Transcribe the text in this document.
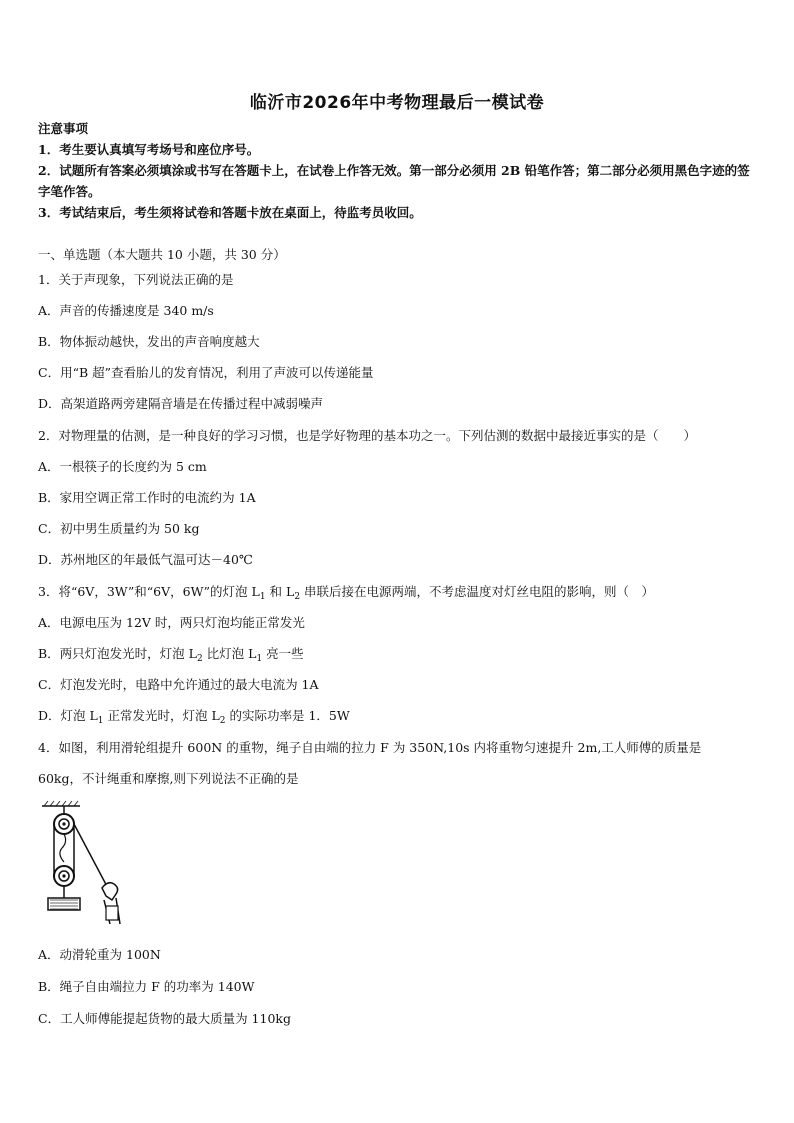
临沂市2026年中考物理最后一模试卷
注意事项
1．考生要认真填写考场号和座位序号。
2．试题所有答案必须填涂或书写在答题卡上，在试卷上作答无效。第一部分必须用 2B 铅笔作答；第二部分必须用黑色字迹的签字笔作答。
3．考试结束后，考生须将试卷和答题卡放在桌面上，待监考员收回。
一、单选题（本大题共 10 小题，共 30 分）
1．关于声现象，下列说法正确的是
A．声音的传播速度是 340 m/s
B．物体振动越快，发出的声音响度越大
C．用“B 超”查看胎儿的发育情况，利用了声波可以传递能量
D．高架道路两旁建隔音墙是在传播过程中减弱噪声
2．对物理量的估测，是一种良好的学习习惯，也是学好物理的基本功之一。下列估测的数据中最接近事实的是（　　）
A．一根筷子的长度约为 5 cm
B．家用空调正常工作时的电流约为 1A
C．初中男生质量约为 50 kg
D．苏州地区的年最低气温可达－40℃
3．将“6V，3W”和“6V，6W”的灯泡 $L_1$ 和 $L_2$ 串联后接在电源两端，不考虑温度对灯丝电阻的影响，则（　）
A．电源电压为 12V 时，两只灯泡均能正常发光
B．两只灯泡发光时，灯泡 $L_2$ 比灯泡 $L_1$ 亮一些
C．灯泡发光时，电路中允许通过的最大电流为 1A
D．灯泡 $L_1$ 正常发光时，灯泡 $L_2$ 的实际功率是 1．5W
4．如图，利用滑轮组提升 600N 的重物，绳子自由端的拉力 F 为 350N,10s 内将重物匀速提升 2m,工人师傅的质量是
60kg，不计绳重和摩擦,则下列说法不正确的是
A．动滑轮重为 100N
B．绳子自由端拉力 F 的功率为 140W
C．工人师傅能提起货物的最大质量为 110kg
